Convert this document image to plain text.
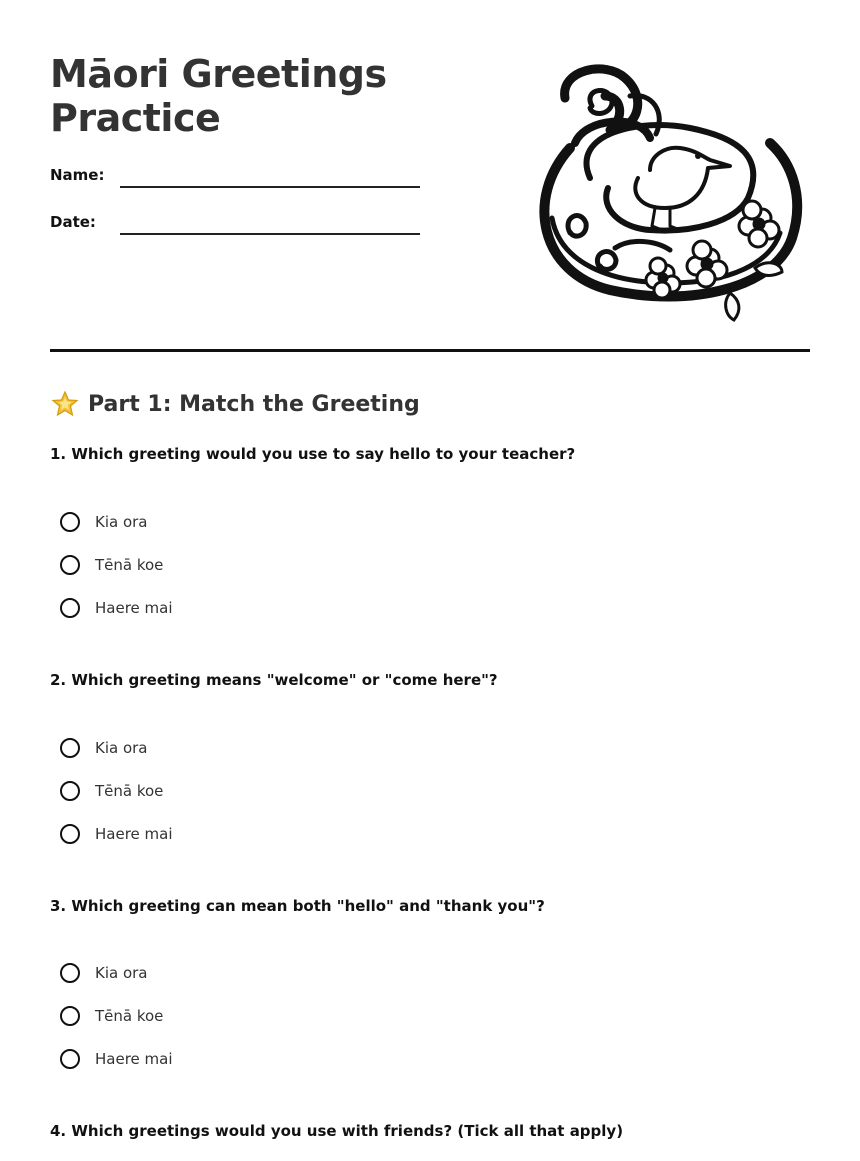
Māori Greetings
Practice
Name:
Date:
Part 1: Match the Greeting

1. Which greeting would you use to say hello to your teacher?

Kia ora
Tēnā koe
Haere mai

2. Which greeting means "welcome" or "come here"?

Kia ora
Tēnā koe
Haere mai

3. Which greeting can mean both "hello" and "thank you"?

Kia ora
Tēnā koe
Haere mai

4. Which greetings would you use with friends? (Tick all that apply)
